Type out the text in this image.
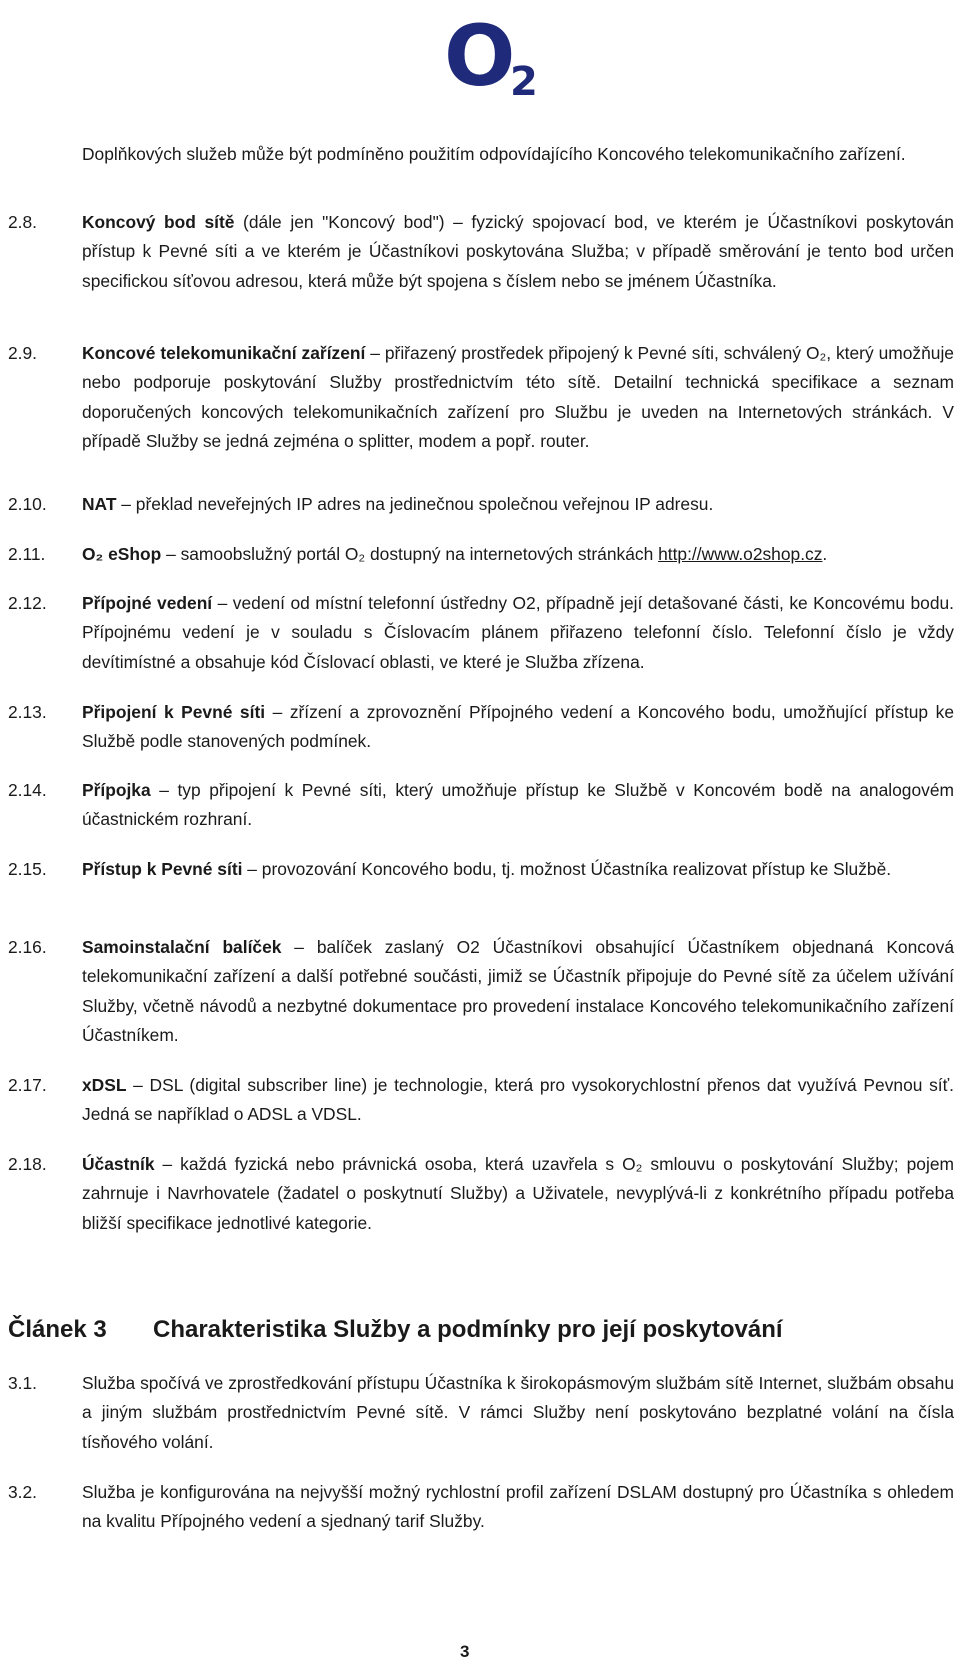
O
2
Doplňkových služeb může být podmíněno použitím odpovídajícího Koncového telekomunikačního zařízení.
2.8.	Koncový bod sítě (dále jen "Koncový bod") – fyzický spojovací bod, ve kterém je Účastníkovi poskytován přístup k Pevné síti a ve kterém je Účastníkovi poskytována Služba; v případě směrování je tento bod určen specifickou síťovou adresou, která může být spojena s číslem nebo se jménem Účastníka.
2.9.	Koncové telekomunikační zařízení – přiřazený prostředek připojený k Pevné síti, schválený O₂, který umožňuje nebo podporuje poskytování Služby prostřednictvím této sítě. Detailní technická specifikace a seznam doporučených koncových telekomunikačních zařízení pro Službu je uveden na Internetových stránkách. V případě Služby se jedná zejména o splitter, modem a popř. router.
2.10. NAT – překlad neveřejných IP adres na jedinečnou společnou veřejnou IP adresu.
2.11. O₂ eShop – samoobslužný portál O₂ dostupný na internetových stránkách http://www.o2shop.cz.
2.12. Přípojné vedení – vedení od místní telefonní ústředny O2, případně její detašované části, ke Koncovému bodu. Přípojnému vedení je v souladu s Číslovacím plánem přiřazeno telefonní číslo. Telefonní číslo je vždy devítimístné a obsahuje kód Číslovací oblasti, ve které je Služba zřízena.
2.13. Připojení k Pevné síti – zřízení a zprovoznění Přípojného vedení a Koncového bodu, umožňující přístup ke Službě podle stanovených podmínek.
2.14. Přípojka – typ připojení k Pevné síti, který umožňuje přístup ke Službě v Koncovém bodě na analogovém účastnickém rozhraní.
2.15. Přístup k Pevné síti – provozování Koncového bodu, tj. možnost Účastníka realizovat přístup ke Službě.
2.16. Samoinstalační balíček – balíček zaslaný O2 Účastníkovi obsahující Účastníkem objednaná Koncová telekomunikační zařízení a další potřebné součásti, jimiž se Účastník připojuje do Pevné sítě za účelem užívání Služby, včetně návodů a nezbytné dokumentace pro provedení instalace Koncového telekomunikačního zařízení Účastníkem.
2.17. xDSL – DSL (digital subscriber line) je technologie, která pro vysokorychlostní přenos dat využívá Pevnou síť. Jedná se například o ADSL a VDSL.
2.18. Účastník – každá fyzická nebo právnická osoba, která uzavřela s O₂ smlouvu o poskytování Služby; pojem zahrnuje i Navrhovatele (žadatel o poskytnutí Služby) a Uživatele, nevyplývá-li z konkrétního případu potřeba bližší specifikace jednotlivé kategorie.
Článek 3 Charakteristika Služby a podmínky pro její poskytování
3.1.	Služba spočívá ve zprostředkování přístupu Účastníka k širokopásmovým službám sítě Internet, službám obsahu a jiným službám prostřednictvím Pevné sítě. V rámci Služby není poskytováno bezplatné volání na čísla tísňového volání.
3.2.	Služba je konfigurována na nejvyšší možný rychlostní profil zařízení DSLAM dostupný pro Účastníka s ohledem na kvalitu Přípojného vedení a sjednaný tarif Služby.
3
